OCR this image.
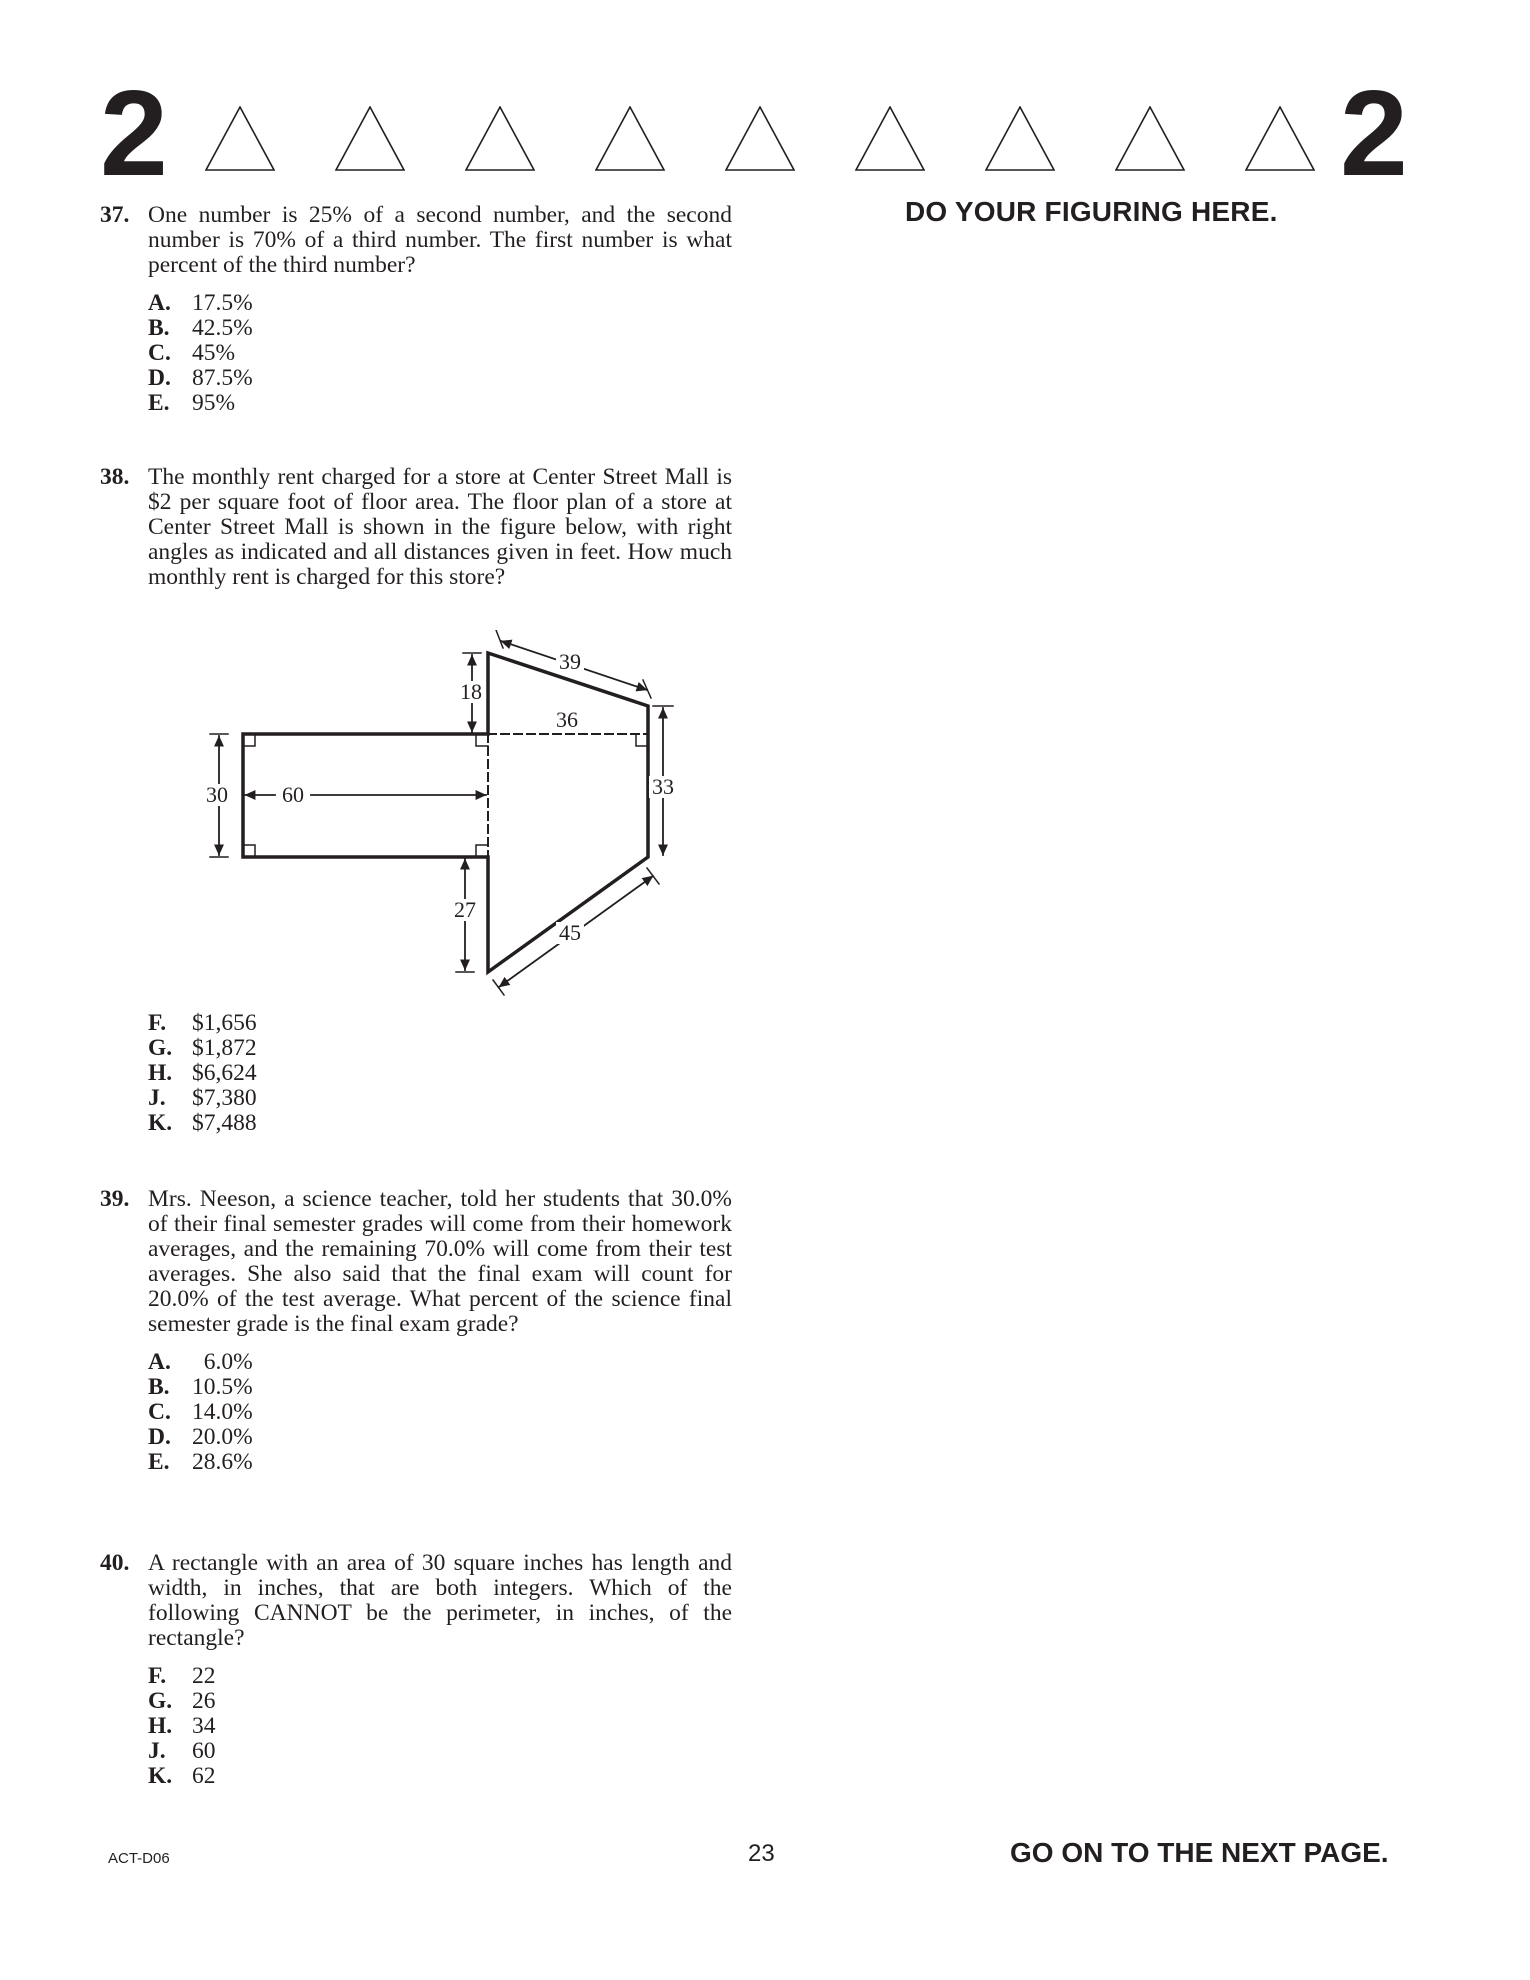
2	2
DO YOUR FIGURING HERE.
37. One number is 25% of a second number, and the second number is 70% of a third number. The first number is what percent of the third number?
A. 17.5%
B. 42.5%
C. 45%
D. 87.5%
E. 95%
38. The monthly rent charged for a store at Center Street Mall is $2 per square foot of floor area. The floor plan of a store at Center Street Mall is shown in the figure below, with right angles as indicated and all distances given in feet. How much monthly rent is charged for this store?
39
18
36
30 60	33
27
45
F.	$1,656
G. $1,872
H. $6,624
J.	$7,380
K. $7,488
39. Mrs. Neeson, a science teacher, told her students that 30.0% of their final semester grades will come from their homework averages, and the remaining 70.0% will come from their test averages. She also said that the final exam will count for 20.0% of the test average. What percent of the science final semester grade is the final exam grade?
A.  6.0%
B. 10.5%
C. 14.0%
D. 20.0%
E. 28.6%
40. A rectangle with an area of 30 square inches has length and width, in inches, that are both integers. Which of the following CANNOT be the perimeter, in inches, of the rectangle?
F.	22
G. 26
H. 34
J.	60
K. 62
ACT-D06	23	GO ON TO THE NEXT PAGE.
